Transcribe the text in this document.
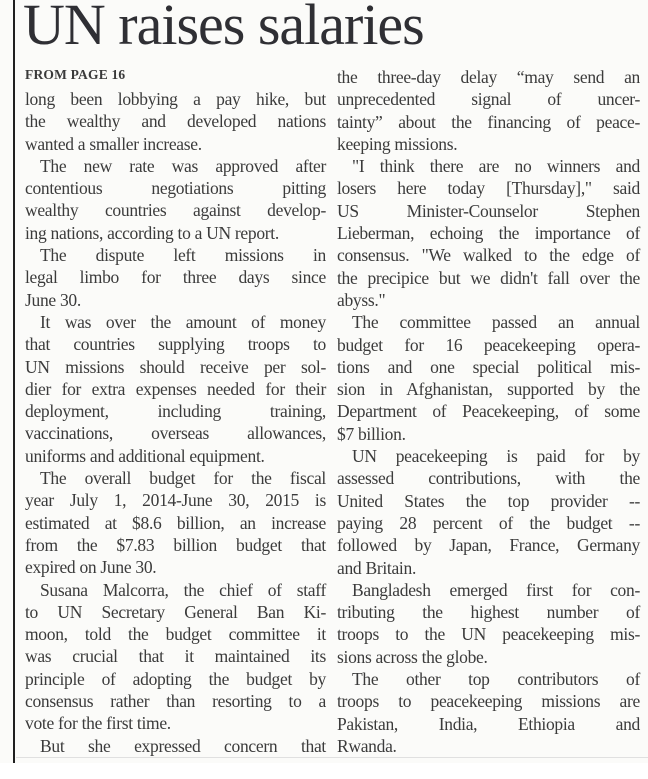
UN raises salaries
FROM PAGE 16
long been lobbying a pay hike, but
the wealthy and developed nations
wanted a smaller increase.
The new rate was approved after
contentious negotiations pitting
wealthy countries against develop-
ing nations, according to a UN report.
The dispute left missions in
legal limbo for three days since
June 30.
It was over the amount of money
that countries supplying troops to
UN missions should receive per sol-
dier for extra expenses needed for their
deployment, including training,
vaccinations, overseas allowances,
uniforms and additional equipment.
The overall budget for the fiscal
year July 1, 2014-June 30, 2015 is
estimated at $8.6 billion, an increase
from the $7.83 billion budget that
expired on June 30.
Susana Malcorra, the chief of staff
to UN Secretary General Ban Ki-
moon, told the budget committee it
was crucial that it maintained its
principle of adopting the budget by
consensus rather than resorting to a
vote for the first time.
But she expressed concern that
the three-day delay “may send an
unprecedented signal of uncer-
tainty” about the financing of peace-
keeping missions.
"I think there are no winners and
losers here today [Thursday]," said
US Minister-Counselor Stephen
Lieberman, echoing the importance of
consensus. "We walked to the edge of
the precipice but we didn't fall over the
abyss."
The committee passed an annual
budget for 16 peacekeeping opera-
tions and one special political mis-
sion in Afghanistan, supported by the
Department of Peacekeeping, of some
$7 billion.
UN peacekeeping is paid for by
assessed contributions, with the
United States the top provider --
paying 28 percent of the budget --
followed by Japan, France, Germany
and Britain.
Bangladesh emerged first for con-
tributing the highest number of
troops to the UN peacekeeping mis-
sions across the globe.
The other top contributors of
troops to peacekeeping missions are
Pakistan, India, Ethiopia and
Rwanda.
